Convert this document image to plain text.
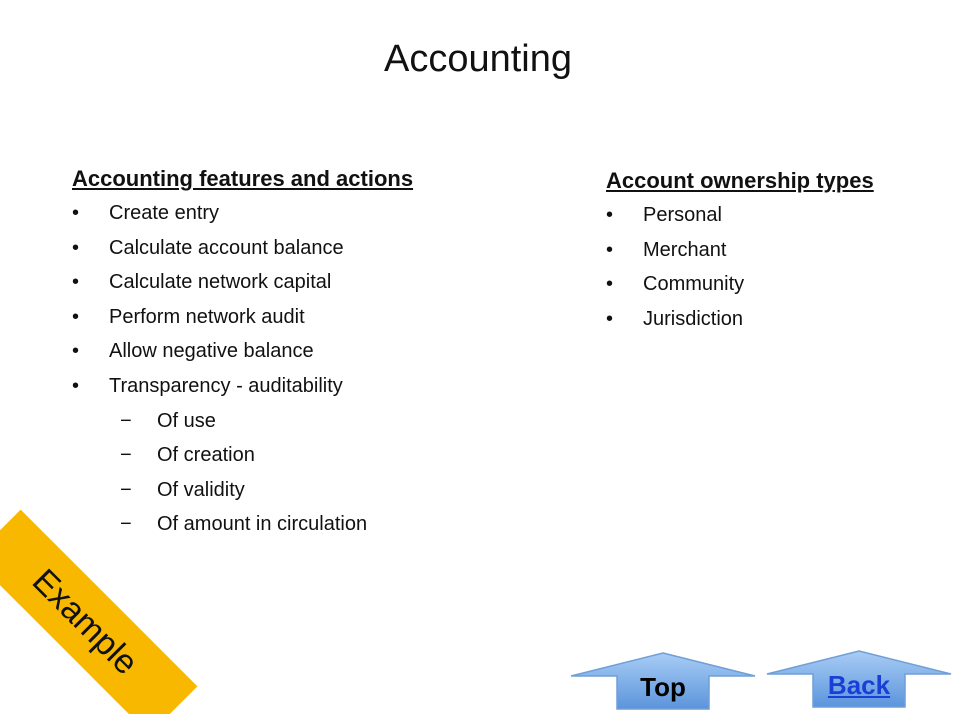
Accounting
Accounting features and actions
•	Create entry
•	Calculate account balance
•	Calculate network capital
•	Perform network audit
•	Allow negative balance
•	Transparency - auditability
− Of use
− Of creation
− Of validity
− Of amount in circulation
Account ownership types
•	Personal
•	Merchant
•	Community
•	Jurisdiction
Example
Top	Back
